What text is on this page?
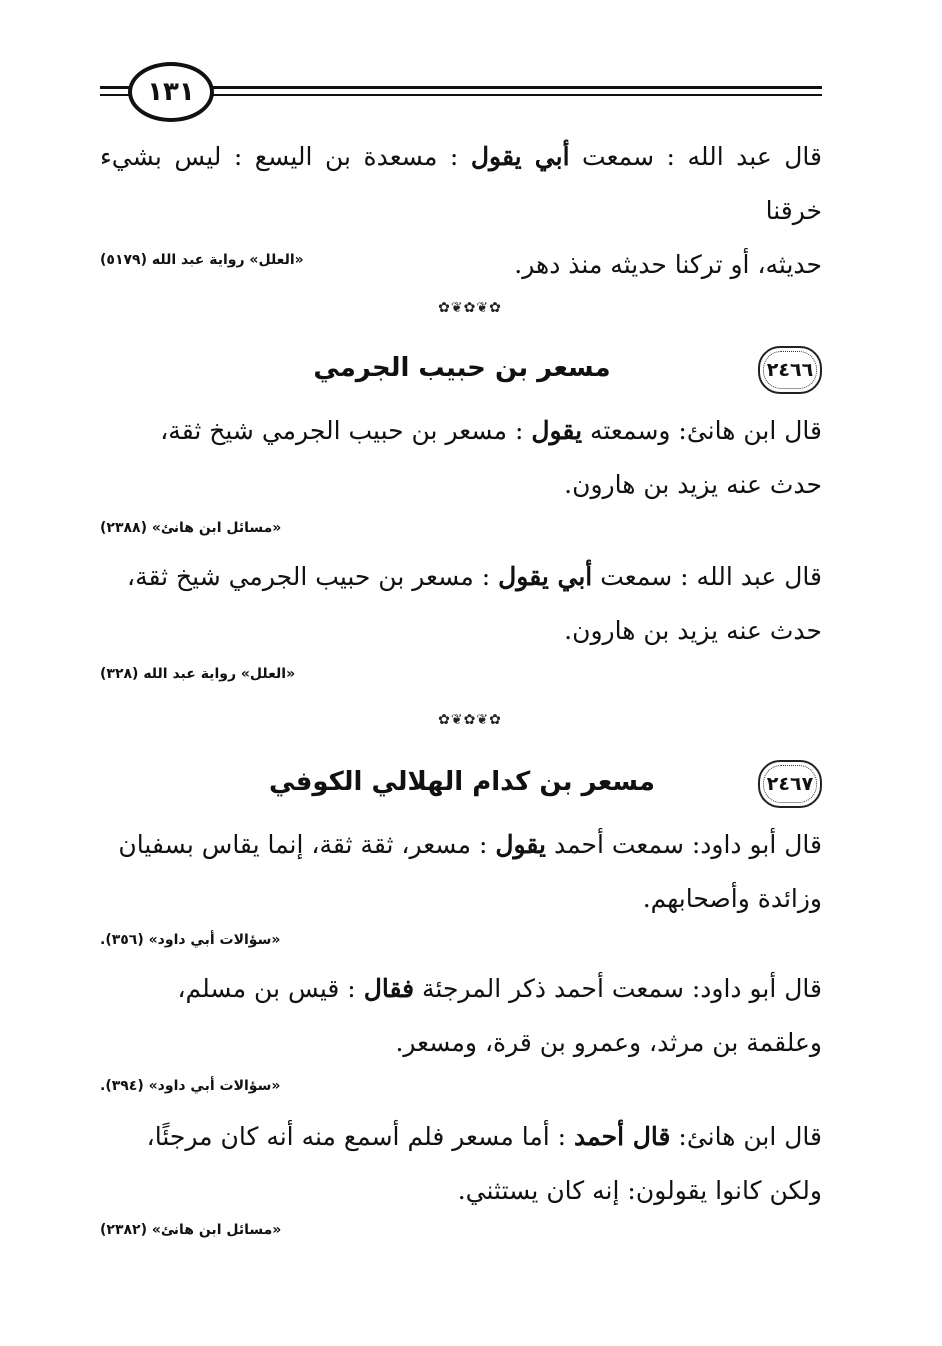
١٣١
قال عبد الله : سمعت أبي يقول : مسعدة بن اليسع : ليس بشيء خرقنا
حديثه، أو تركنا حديثه منذ دهر.
«العلل» رواية عبد الله (٥١٧٩)
✿❦✿❦✿
٢٤٦٦
مسعر بن حبيب الجرمي
قال ابن هانئ: وسمعته يقول : مسعر بن حبيب الجرمي شيخ ثقة،
حدث عنه يزيد بن هارون.
«مسائل ابن هانئ» (٢٣٨٨)
قال عبد الله : سمعت أبي يقول : مسعر بن حبيب الجرمي شيخ ثقة،
حدث عنه يزيد بن هارون.
«العلل» رواية عبد الله (٣٢٨)
✿❦✿❦✿
٢٤٦٧
مسعر بن كدام الهلالي الكوفي
قال أبو داود: سمعت أحمد يقول : مسعر، ثقة ثقة، إنما يقاس بسفيان
وزائدة وأصحابهم.
«سؤالات أبي داود» (٣٥٦).
قال أبو داود: سمعت أحمد ذكر المرجئة فقال : قيس بن مسلم،
وعلقمة بن مرثد، وعمرو بن قرة، ومسعر.
«سؤالات أبي داود» (٣٩٤).
قال ابن هانئ: قال أحمد : أما مسعر فلم أسمع منه أنه كان مرجئًا،
ولكن كانوا يقولون: إنه كان يستثني.
«مسائل ابن هانئ» (٢٣٨٢)
